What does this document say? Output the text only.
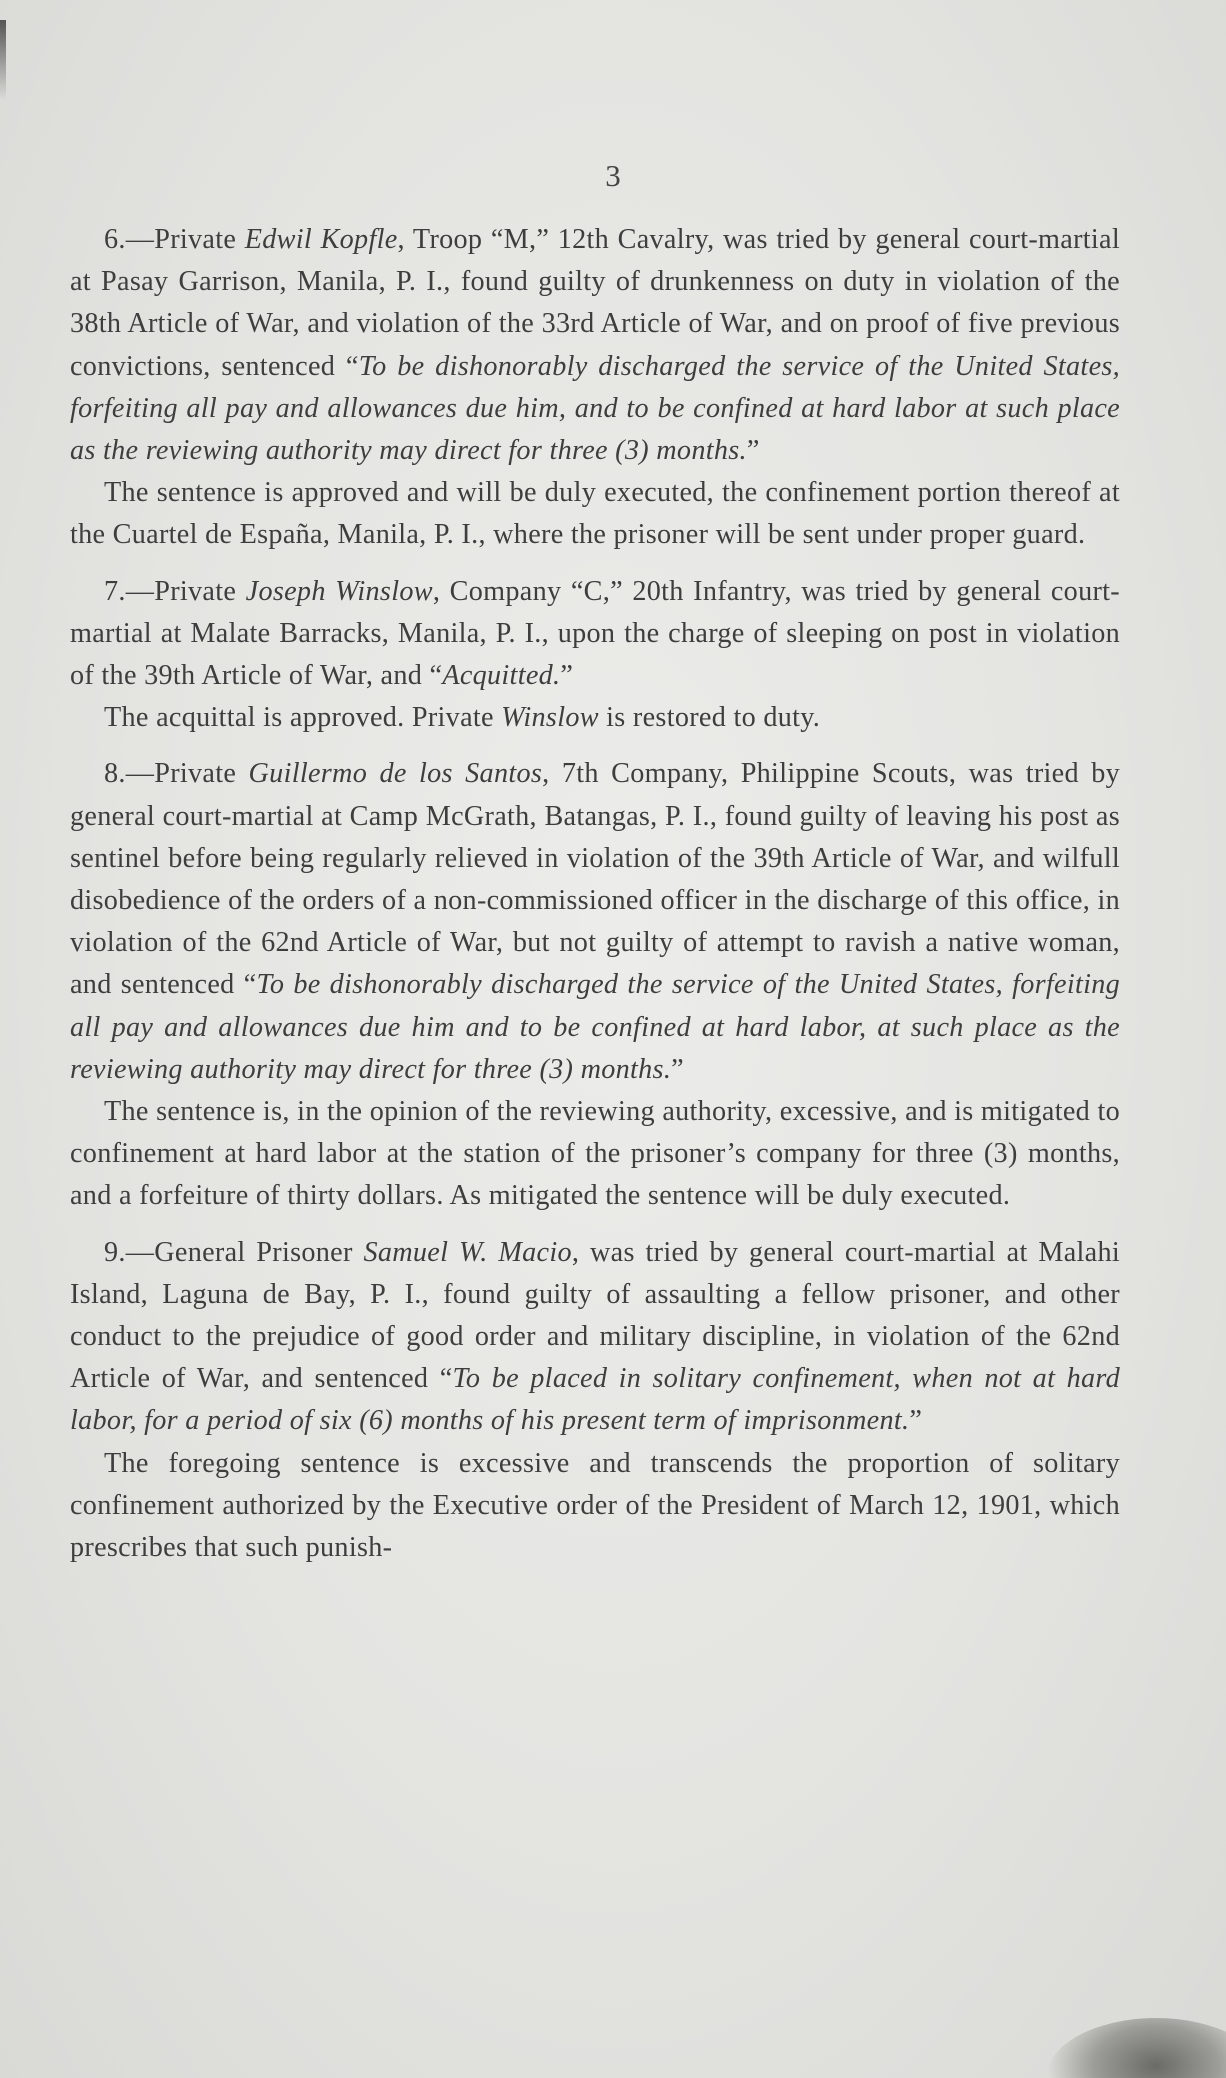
3

6.—Private Edwil Kopfle, Troop “M,” 12th Cavalry, was tried by general court-martial at Pasay Garrison, Manila, P. I., found guilty of drunkenness on duty in violation of the 38th Article of War, and violation of the 33rd Article of War, and on proof of five previous convictions, sentenced “To be dishonorably discharged the service of the United States, forfeiting all pay and allowances due him, and to be confined at hard labor at such place as the reviewing authority may direct for three (3) months.”

The sentence is approved and will be duly executed, the confinement portion thereof at the Cuartel de España, Manila, P. I., where the prisoner will be sent under proper guard.

7.—Private Joseph Winslow, Company “C,” 20th Infantry, was tried by general court-martial at Malate Barracks, Manila, P. I., upon the charge of sleeping on post in violation of the 39th Article of War, and “Acquitted.”

The acquittal is approved. Private Winslow is restored to duty.

8.—Private Guillermo de los Santos, 7th Company, Philippine Scouts, was tried by general court-martial at Camp McGrath, Batangas, P. I., found guilty of leaving his post as sentinel before being regularly relieved in violation of the 39th Article of War, and wilfull disobedience of the orders of a non-commissioned officer in the discharge of this office, in violation of the 62nd Article of War, but not guilty of attempt to ravish a native woman, and sentenced “To be dishonorably discharged the service of the United States, forfeiting all pay and allowances due him and to be confined at hard labor, at such place as the reviewing authority may direct for three (3) months.”

The sentence is, in the opinion of the reviewing authority, excessive, and is mitigated to confinement at hard labor at the station of the prisoner’s company for three (3) months, and a forfeiture of thirty dollars. As mitigated the sentence will be duly executed.

9.—General Prisoner Samuel W. Macio, was tried by general court-martial at Malahi Island, Laguna de Bay, P. I., found guilty of assaulting a fellow prisoner, and other conduct to the prejudice of good order and military discipline, in violation of the 62nd Article of War, and sentenced “To be placed in solitary confinement, when not at hard labor, for a period of six (6) months of his present term of imprisonment.”

The foregoing sentence is excessive and transcends the proportion of solitary confinement authorized by the Executive order of the President of March 12, 1901, which prescribes that such punish-
